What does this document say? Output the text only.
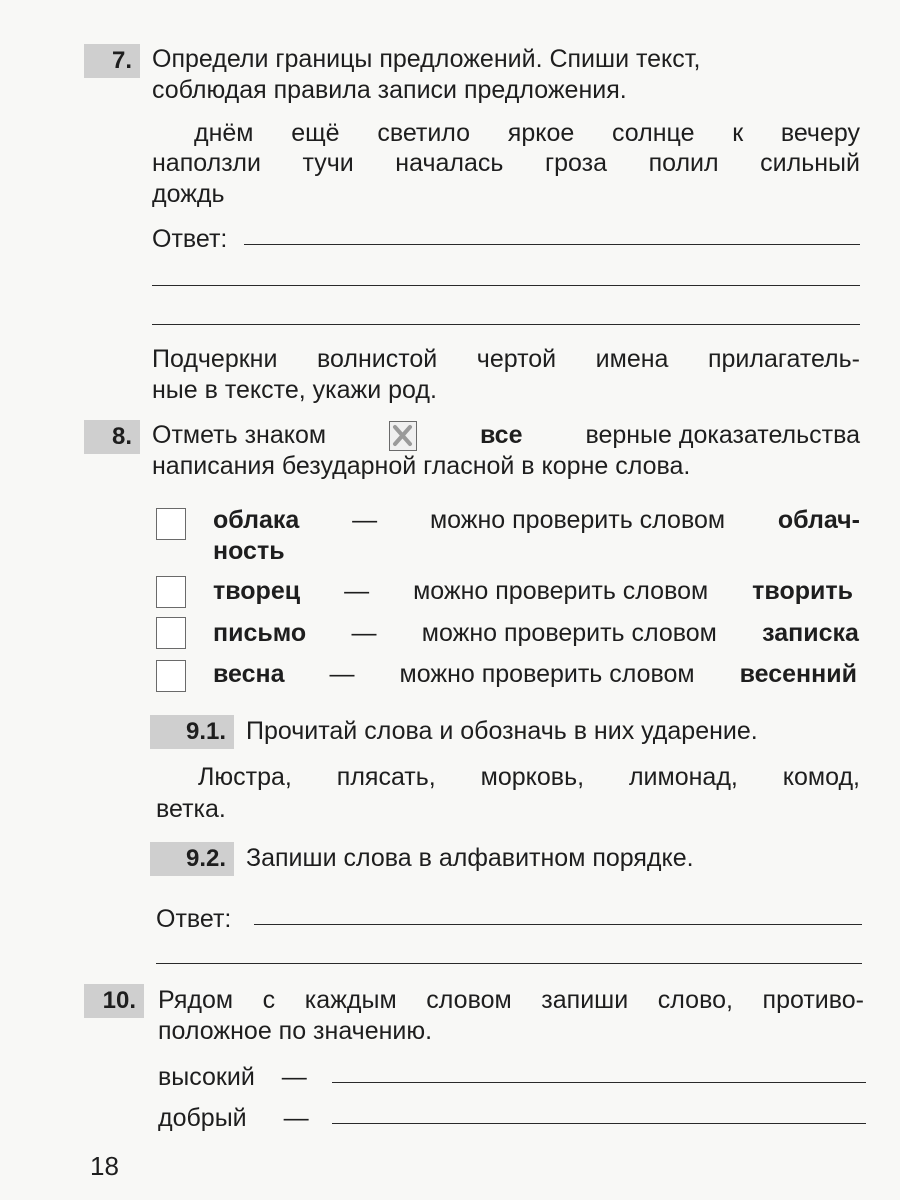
7. Определи границы предложений. Спиши текст,
соблюдая правила записи предложения.
днём ещё светило яркое солнце к вечеру
наползли тучи началась гроза полил сильный
дождь
Ответ:
Подчеркни волнистой чертой имена прилагатель-
ные в тексте, укажи род.
8. Отметь знаком	все	верные доказательства
написания безударной гласной в корне слова.
облака — можно проверить словом облач-
ность
творец — можно проверить словом творить
письмо — можно проверить словом записка
весна — можно проверить словом весенний
9.1. Прочитай слова и обозначь в них ударение.
Люстра, плясать, морковь, лимонад, комод,
ветка.
9.2. Запиши слова в алфавитном порядке.
Ответ:
10. Рядом с каждым словом запиши слово, противо-
положное по значению.
высокий —
добрый —
18
